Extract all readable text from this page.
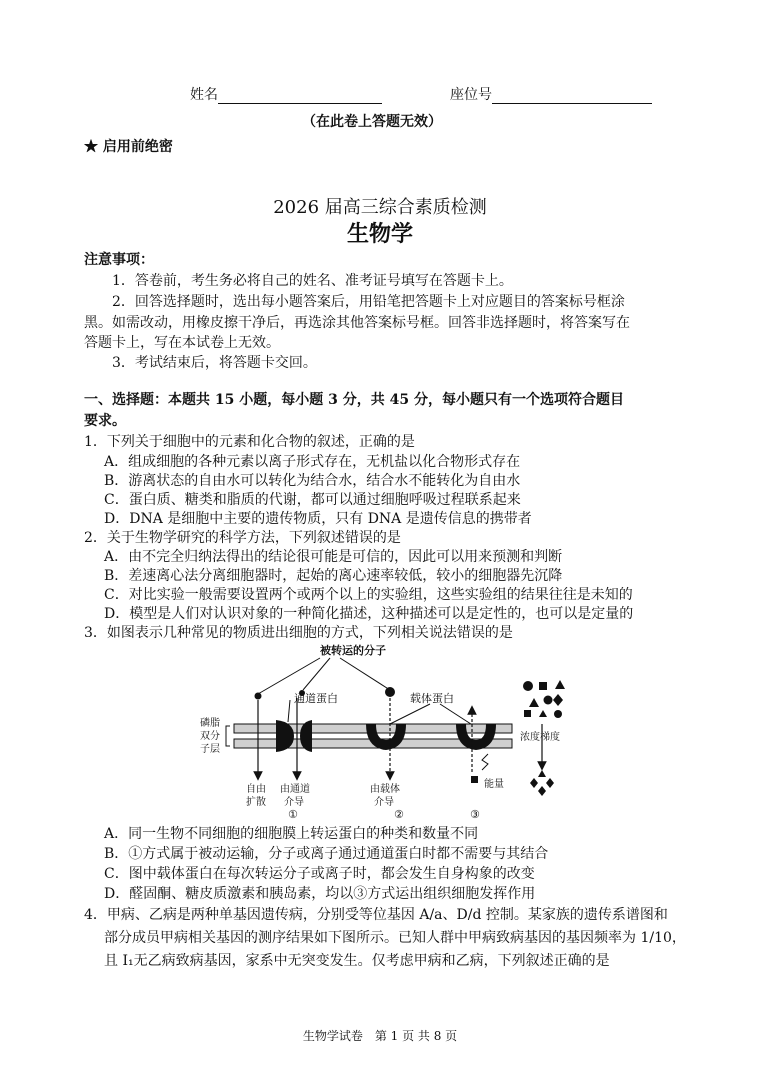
姓名	座位号
（在此卷上答题无效）
★ 启用前绝密
2026 届高三综合素质检测
生物学
注意事项：
1．答卷前，考生务必将自己的姓名、准考证号填写在答题卡上。
2．回答选择题时，选出每小题答案后，用铅笔把答题卡上对应题目的答案标号框涂
黑。如需改动，用橡皮擦干净后，再选涂其他答案标号框。回答非选择题时，将答案写在
答题卡上，写在本试卷上无效。
3．考试结束后，将答题卡交回。
一、选择题：本题共 15 小题，每小题 3 分，共 45 分，每小题只有一个选项符合题目
要求。
1．下列关于细胞中的元素和化合物的叙述，正确的是
A．组成细胞的各种元素以离子形式存在，无机盐以化合物形式存在
B．游离状态的自由水可以转化为结合水，结合水不能转化为自由水
C．蛋白质、糖类和脂质的代谢，都可以通过细胞呼吸过程联系起来
D．DNA 是细胞中主要的遗传物质，只有 DNA 是遗传信息的携带者
2．关于生物学研究的科学方法，下列叙述错误的是
A．由不完全归纳法得出的结论很可能是可信的，因此可以用来预测和判断
B．差速离心法分离细胞器时，起始的离心速率较低，较小的细胞器先沉降
C．对比实验一般需要设置两个或两个以上的实验组，这些实验组的结果往往是未知的
D．模型是人们对认识对象的一种简化描述，这种描述可以是定性的，也可以是定量的
3．如图表示几种常见的物质进出细胞的方式，下列相关说法错误的是
被转运的分子
通道蛋白	载体蛋白
磷脂
双分
子层
能量
自由
扩散
由通道
介导
①
由载体
介导
②	③
浓度梯度
A．同一生物不同细胞的细胞膜上转运蛋白的种类和数量不同
B．①方式属于被动运输，分子或离子通过通道蛋白时都不需要与其结合
C．图中载体蛋白在每次转运分子或离子时，都会发生自身构象的改变
D．醛固酮、糖皮质激素和胰岛素，均以③方式运出组织细胞发挥作用
4．甲病、乙病是两种单基因遗传病，分别受等位基因 A/a、D/d 控制。某家族的遗传系谱图和
部分成员甲病相关基因的测序结果如下图所示。已知人群中甲病致病基因的基因频率为 1/10，
且 I₁无乙病致病基因，家系中无突变发生。仅考虑甲病和乙病，下列叙述正确的是
生物学试卷　第 1 页 共 8 页
